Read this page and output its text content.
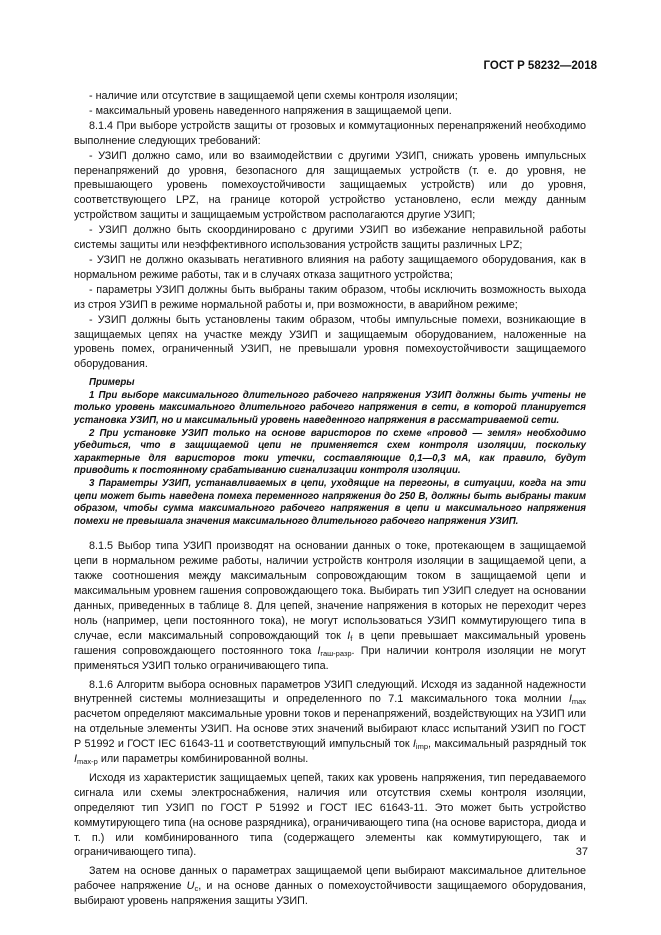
ГОСТ Р 58232—2018

- наличие или отсутствие в защищаемой цепи схемы контроля изоляции;

- максимальный уровень наведенного напряжения в защищаемой цепи.

8.1.4 При выборе устройств защиты от грозовых и коммутационных перенапряжений необходимо выполнение следующих требований:

- УЗИП должно само, или во взаимодействии с другими УЗИП, снижать уровень импульсных перенапряжений до уровня, безопасного для защищаемых устройств (т. е. до уровня, не превышающего уровень помехоустойчивости защищаемых устройств) или до уровня, соответствующего LPZ, на границе которой устройство установлено, если между данным устройством защиты и защищаемым устройством располагаются другие УЗИП;

- УЗИП должно быть скоординировано с другими УЗИП во избежание неправильной работы системы защиты или неэффективного использования устройств защиты различных LPZ;

- УЗИП не должно оказывать негативного влияния на работу защищаемого оборудования, как в нормальном режиме работы, так и в случаях отказа защитного устройства;

- параметры УЗИП должны быть выбраны таким образом, чтобы исключить возможность выхода из строя УЗИП в режиме нормальной работы и, при возможности, в аварийном режиме;

- УЗИП должны быть установлены таким образом, чтобы импульсные помехи, возникающие в защищаемых цепях на участке между УЗИП и защищаемым оборудованием, наложенные на уровень помех, ограниченный УЗИП, не превышали уровня помехоустойчивости защищаемого оборудования.

Примеры

1 При выборе максимального длительного рабочего напряжения УЗИП должны быть учтены не только уровень максимального длительного рабочего напряжения в сети, в которой планируется установка УЗИП, но и максимальный уровень наведенного напряжения в рассматриваемой сети.

2 При установке УЗИП только на основе варисторов по схеме «провод — земля» необходимо убедиться, что в защищаемой цепи не применяется схем контроля изоляции, поскольку характерные для варисторов токи утечки, составляющие 0,1—0,3 мА, как правило, будут приводить к постоянному срабатыванию сигнализации контроля изоляции.

3 Параметры УЗИП, устанавливаемых в цепи, уходящие на перегоны, в ситуации, когда на эти цепи может быть наведена помеха переменного напряжения до 250 В, должны быть выбраны таким образом, чтобы сумма максимального рабочего напряжения в цепи и максимального напряжения помехи не превышала значения максимального длительного рабочего напряжения УЗИП.

8.1.5 Выбор типа УЗИП производят на основании данных о токе, протекающем в защищаемой цепи в нормальном режиме работы, наличии устройств контроля изоляции в защищаемой цепи, а также соотношения между максимальным сопровождающим током в защищаемой цепи и максимальным уровнем гашения сопровождающего тока. Выбирать тип УЗИП следует на основании данных, приведенных в таблице 8. Для цепей, значение напряжения в которых не переходит через ноль (например, цепи постоянного тока), не могут использоваться УЗИП коммутирующего типа в случае, если максимальный сопровождающий ток $I_f$ в цепи превышает максимальный уровень гашения сопровождающего постоянного тока $I_{гаш-разр}$. При наличии контроля изоляции не могут применяться УЗИП только ограничивающего типа.

8.1.6 Алгоритм выбора основных параметров УЗИП следующий. Исходя из заданной надежности внутренней системы молниезащиты и определенного по 7.1 максимального тока молнии $I_{max}$ расчетом определяют максимальные уровни токов и перенапряжений, воздействующих на УЗИП или на отдельные элементы УЗИП. На основе этих значений выбирают класс испытаний УЗИП по ГОСТ Р 51992 и ГОСТ IEC 61643-11 и соответствующий импульсный ток $I_{imp}$, максимальный разрядный ток $I_{max-p}$ или параметры комбинированной волны.

Исходя из характеристик защищаемых цепей, таких как уровень напряжения, тип передаваемого сигнала или схемы электроснабжения, наличия или отсутствия схемы контроля изоляции, определяют тип УЗИП по ГОСТ Р 51992 и ГОСТ IEC 61643-11. Это может быть устройство коммутирующего типа (на основе разрядника), ограничивающего типа (на основе варистора, диода и т. п.) или комбинированного типа (содержащего элементы как коммутирующего, так и ограничивающего типа).

Затем на основе данных о параметрах защищаемой цепи выбирают максимальное длительное рабочее напряжение $U_c$, и на основе данных о помехоустойчивости защищаемого оборудования, выбирают уровень напряжения защиты УЗИП.

37
